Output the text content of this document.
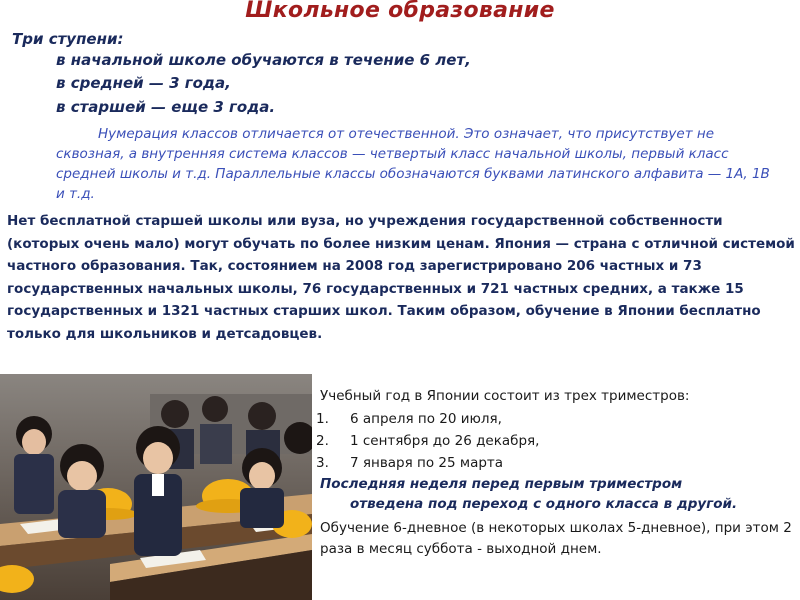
Школьное образование
Три ступени:
в начальной школе обучаются в течение 6 лет,
в средней — 3 года,
в старшей — еще 3 года.
Нумерация классов отличается от отечественной. Это означает, что присутствует не сквозная, а внутренняя система классов — четвертый класс начальной школы, первый класс средней школы и т.д. Параллельные классы обозначаются буквами латинского алфавита — 1А, 1В и т.д.
Нет бесплатной старшей школы или вуза, но учреждения государственной собственности (которых очень мало) могут обучать по более низким ценам. Япония — страна с отличной системой частного образования. Так, состоянием на 2008 год зарегистрировано 206 частных и 73 государственных начальных школы, 76 государственных и 721 частных средних, а также 15 государственных и 1321 частных старших школ. Таким образом, обучение в Японии бесплатно только для школьников и детсадовцев.
Учебный год в Японии состоит из трех триместров:
1. 6 апреля по 20 июля,
2. 1 сентября до 26 декабря,
3. 7 января по 25 марта
Последняя неделя перед первым триместром
отведена под переход с одного класса в другой.
Обучение 6-дневное (в некоторых школах 5-дневное), при этом 2 раза в месяц суббота - выходной днем.
